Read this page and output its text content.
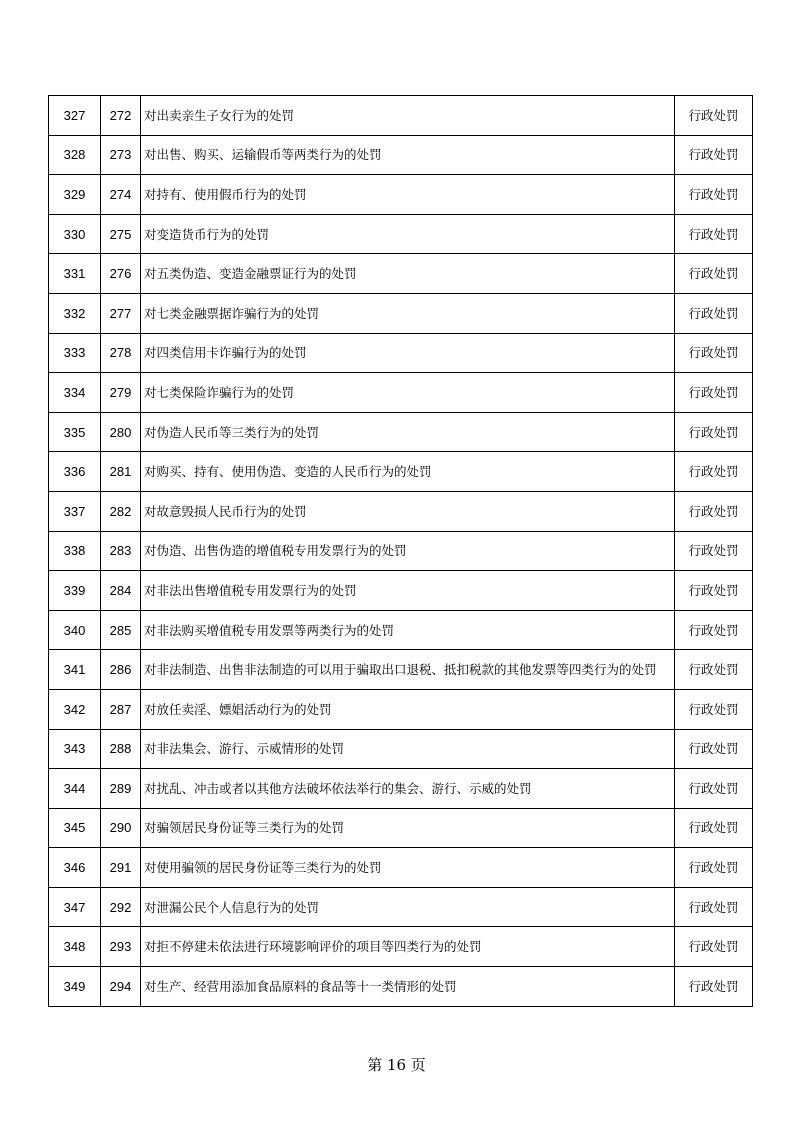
327	272	对出卖亲生子女行为的处罚	行政处罚
328	273	对出售、购买、运输假币等两类行为的处罚	行政处罚
329	274	对持有、使用假币行为的处罚	行政处罚
330	275	对变造货币行为的处罚	行政处罚
331	276	对五类伪造、变造金融票证行为的处罚	行政处罚
332	277	对七类金融票据诈骗行为的处罚	行政处罚
333	278	对四类信用卡诈骗行为的处罚	行政处罚
334	279	对七类保险诈骗行为的处罚	行政处罚
335	280	对伪造人民币等三类行为的处罚	行政处罚
336	281	对购买、持有、使用伪造、变造的人民币行为的处罚	行政处罚
337	282	对故意毁损人民币行为的处罚	行政处罚
338	283	对伪造、出售伪造的增值税专用发票行为的处罚	行政处罚
339	284	对非法出售增值税专用发票行为的处罚	行政处罚
340	285	对非法购买增值税专用发票等两类行为的处罚	行政处罚
341	286	对非法制造、出售非法制造的可以用于骗取出口退税、抵扣税款的其他发票等四类行为的处罚	行政处罚
342	287	对放任卖淫、嫖娼活动行为的处罚	行政处罚
343	288	对非法集会、游行、示威情形的处罚	行政处罚
344	289	对扰乱、冲击或者以其他方法破坏依法举行的集会、游行、示威的处罚	行政处罚
345	290	对骗领居民身份证等三类行为的处罚	行政处罚
346	291	对使用骗领的居民身份证等三类行为的处罚	行政处罚
347	292	对泄漏公民个人信息行为的处罚	行政处罚
348	293	对拒不停建未依法进行环境影响评价的项目等四类行为的处罚	行政处罚
349	294	对生产、经营用添加食品原料的食品等十一类情形的处罚	行政处罚
第 16 页
